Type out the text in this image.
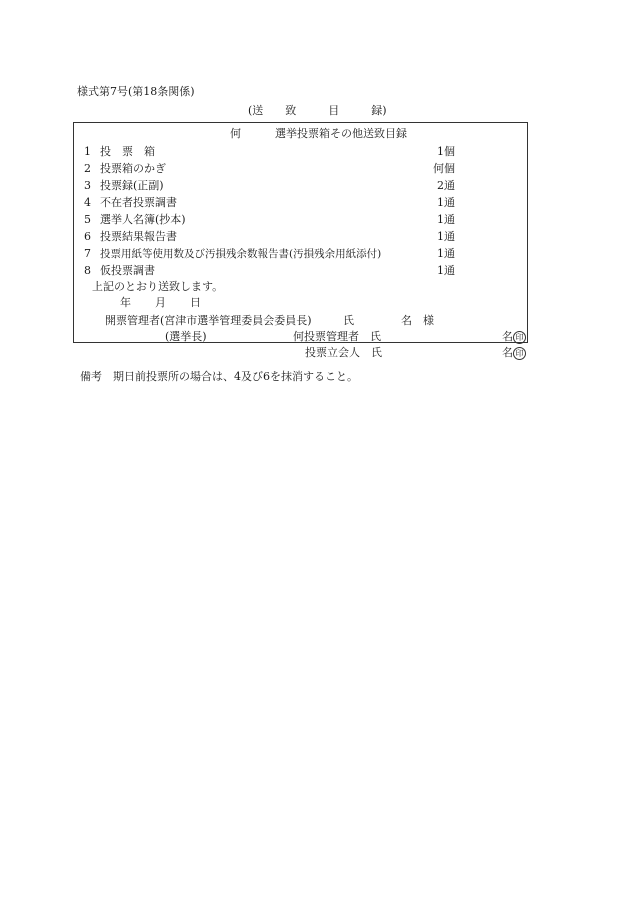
様式第7号(第18条関係)
(送 致	目	録)
何	選挙投票箱その他送致目録
1 投　票　箱	1個
2 投票箱のかぎ	何個
3 投票録(正副)	2通
4 不在者投票調書	1通
5 選挙人名簿(抄本)	1通
6 投票結果報告書	1通
7 投票用紙等使用数及び汚損残余数報告書(汚損残余用紙添付)	1通
8 仮投票調書	1通
上記のとおり送致します。
年 月 日
開票管理者(宮津市選挙管理委員会委員長)	氏	名　様
(選挙長)	何投票管理者　氏	名 印
投票立会人　氏	名 印
備考　期日前投票所の場合は、4及び6を抹消すること。
